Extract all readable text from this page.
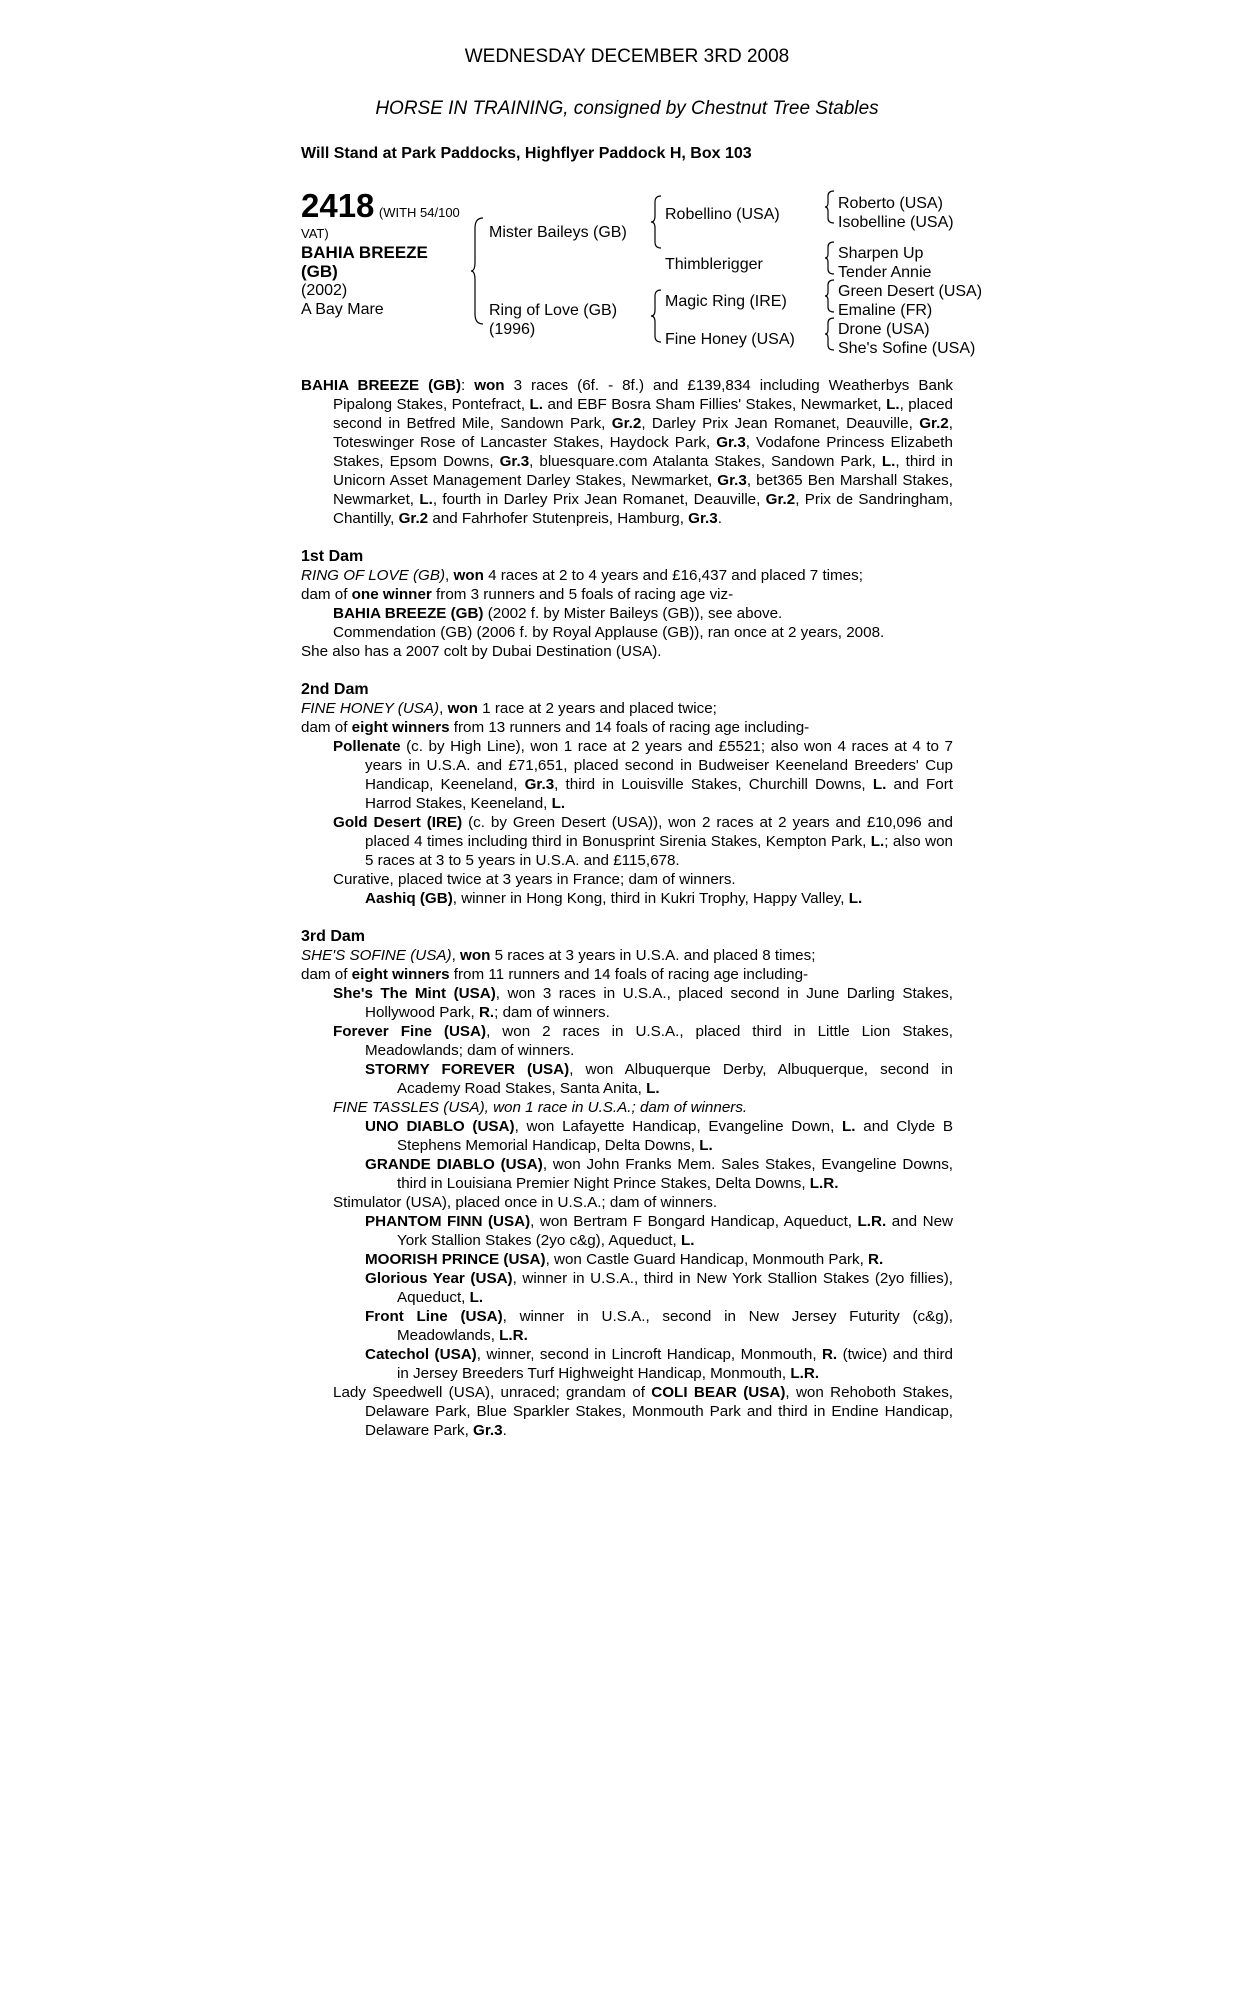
WEDNESDAY DECEMBER 3RD 2008
HORSE IN TRAINING, consigned by Chestnut Tree Stables
Will Stand at Park Paddocks, Highflyer Paddock H, Box 103
2418 (WITH 54/100
VAT)
BAHIA BREEZE
(GB)
(2002)
A Bay Mare
Mister Baileys (GB)
Ring of Love (GB)
(1996)
Robellino (USA)
Thimblerigger
Magic Ring (IRE)
Fine Honey (USA)
Roberto (USA)
Isobelline (USA)
Sharpen Up
Tender Annie
Green Desert (USA)
Emaline (FR)
Drone (USA)
She's Sofine (USA)

BAHIA BREEZE (GB): won 3 races (6f. - 8f.) and £139,834 including Weatherbys Bank Pipalong Stakes, Pontefract, L. and EBF Bosra Sham Fillies' Stakes, Newmarket, L., placed second in Betfred Mile, Sandown Park, Gr.2, Darley Prix Jean Romanet, Deauville, Gr.2, Toteswinger Rose of Lancaster Stakes, Haydock Park, Gr.3, Vodafone Princess Elizabeth Stakes, Epsom Downs, Gr.3, bluesquare.com Atalanta Stakes, Sandown Park, L., third in Unicorn Asset Management Darley Stakes, Newmarket, Gr.3, bet365 Ben Marshall Stakes, Newmarket, L., fourth in Darley Prix Jean Romanet, Deauville, Gr.2, Prix de Sandringham, Chantilly, Gr.2 and Fahrhofer Stutenpreis, Hamburg, Gr.3.

1st Dam

RING OF LOVE (GB), won 4 races at 2 to 4 years and £16,437 and placed 7 times;

dam of one winner from 3 runners and 5 foals of racing age viz-

BAHIA BREEZE (GB) (2002 f. by Mister Baileys (GB)), see above.

Commendation (GB) (2006 f. by Royal Applause (GB)), ran once at 2 years, 2008.

She also has a 2007 colt by Dubai Destination (USA).

2nd Dam

FINE HONEY (USA), won 1 race at 2 years and placed twice;

dam of eight winners from 13 runners and 14 foals of racing age including-

Pollenate (c. by High Line), won 1 race at 2 years and £5521; also won 4 races at 4 to 7 years in U.S.A. and £71,651, placed second in Budweiser Keeneland Breeders' Cup Handicap, Keeneland, Gr.3, third in Louisville Stakes, Churchill Downs, L. and Fort Harrod Stakes, Keeneland, L.

Gold Desert (IRE) (c. by Green Desert (USA)), won 2 races at 2 years and £10,096 and placed 4 times including third in Bonusprint Sirenia Stakes, Kempton Park, L.; also won 5 races at 3 to 5 years in U.S.A. and £115,678.

Curative, placed twice at 3 years in France; dam of winners.

Aashiq (GB), winner in Hong Kong, third in Kukri Trophy, Happy Valley, L.

3rd Dam

SHE'S SOFINE (USA), won 5 races at 3 years in U.S.A. and placed 8 times;

dam of eight winners from 11 runners and 14 foals of racing age including-

She's The Mint (USA), won 3 races in U.S.A., placed second in June Darling Stakes, Hollywood Park, R.; dam of winners.

Forever Fine (USA), won 2 races in U.S.A., placed third in Little Lion Stakes, Meadowlands; dam of winners.

STORMY FOREVER (USA), won Albuquerque Derby, Albuquerque, second in Academy Road Stakes, Santa Anita, L.

FINE TASSLES (USA), won 1 race in U.S.A.; dam of winners.

UNO DIABLO (USA), won Lafayette Handicap, Evangeline Down, L. and Clyde B Stephens Memorial Handicap, Delta Downs, L.

GRANDE DIABLO (USA), won John Franks Mem. Sales Stakes, Evangeline Downs, third in Louisiana Premier Night Prince Stakes, Delta Downs, L.R.

Stimulator (USA), placed once in U.S.A.; dam of winners.

PHANTOM FINN (USA), won Bertram F Bongard Handicap, Aqueduct, L.R. and New York Stallion Stakes (2yo c&g), Aqueduct, L.

MOORISH PRINCE (USA), won Castle Guard Handicap, Monmouth Park, R.

Glorious Year (USA), winner in U.S.A., third in New York Stallion Stakes (2yo fillies), Aqueduct, L.

Front Line (USA), winner in U.S.A., second in New Jersey Futurity (c&g), Meadowlands, L.R.

Catechol (USA), winner, second in Lincroft Handicap, Monmouth, R. (twice) and third in Jersey Breeders Turf Highweight Handicap, Monmouth, L.R.

Lady Speedwell (USA), unraced; grandam of COLI BEAR (USA), won Rehoboth Stakes, Delaware Park, Blue Sparkler Stakes, Monmouth Park and third in Endine Handicap, Delaware Park, Gr.3.
